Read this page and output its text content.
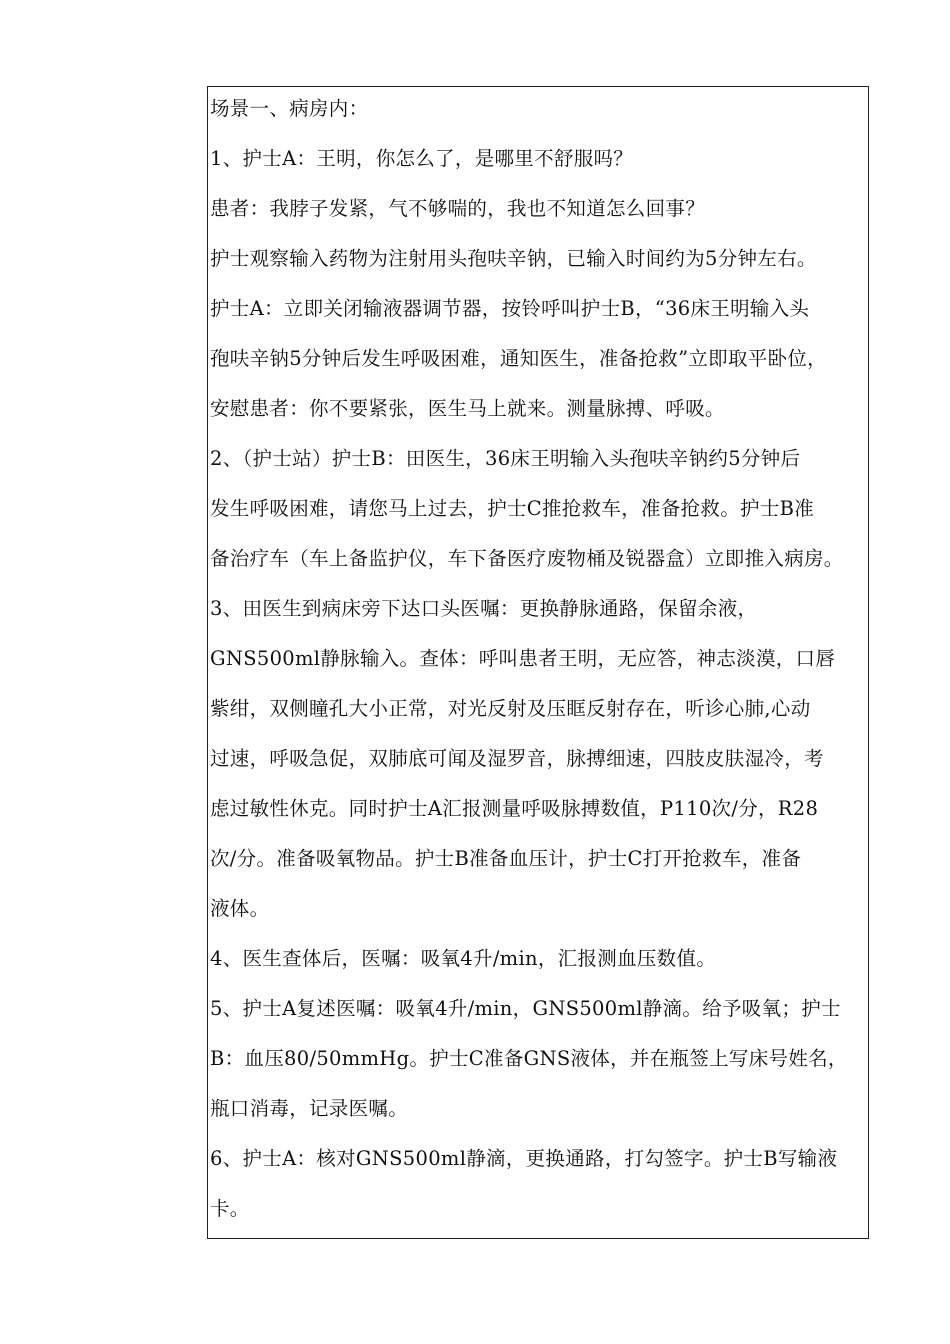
场景一、病房内：
1、护士A：王明，你怎么了，是哪里不舒服吗？
患者：我脖子发紧，气不够喘的，我也不知道怎么回事？
护士观察输入药物为注射用头孢呋辛钠，已输入时间约为5分钟左右。
护士A：立即关闭输液器调节器，按铃呼叫护士B，“36床王明输入头
孢呋辛钠5分钟后发生呼吸困难，通知医生，准备抢救”立即取平卧位，
安慰患者：你不要紧张，医生马上就来。测量脉搏、呼吸。
2、（护士站）护士B：田医生，36床王明输入头孢呋辛钠约5分钟后
发生呼吸困难，请您马上过去，护士C推抢救车，准备抢救。护士B准
备治疗车（车上备监护仪，车下备医疗废物桶及锐器盒）立即推入病房。
3、田医生到病床旁下达口头医嘱：更换静脉通路，保留余液，
GNS500ml静脉输入。查体：呼叫患者王明，无应答，神志淡漠，口唇
紫绀，双侧瞳孔大小正常，对光反射及压眶反射存在，听诊心肺,心动
过速，呼吸急促，双肺底可闻及湿罗音，脉搏细速，四肢皮肤湿冷，考
虑过敏性休克。同时护士A汇报测量呼吸脉搏数值，P110次/分，R28
次/分。准备吸氧物品。护士B准备血压计，护士C打开抢救车，准备
液体。
4、医生查体后，医嘱：吸氧4升/min，汇报测血压数值。
5、护士A复述医嘱：吸氧4升/min，GNS500ml静滴。给予吸氧；护士
B：血压80/50mmHg。护士C准备GNS液体，并在瓶签上写床号姓名，
瓶口消毒，记录医嘱。
6、护士A：核对GNS500ml静滴，更换通路，打勾签字。护士B写输液
卡。
